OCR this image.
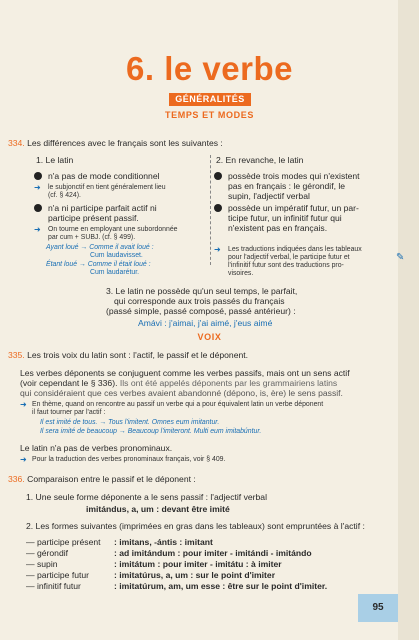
6. le verbe
GÉNÉRALITÉS
TEMPS ET MODES
334. Les différences avec le français sont les suivantes :
1. Le latin
n'a pas de mode conditionnel
➜ le subjonctif en tient généralement lieu
(cf. § 424).
n'a ni participe parfait actif ni
participe présent passif.
➜ On tourne en employant une subordonnée
par cum + SUBJ. (cf. § 499).
Ayant loué → Comme il avait loué :
Cum laudavisset.
Étant loué → Comme il était loué :
Cum laudarétur.
2. En revanche, le latin
possède trois modes qui n'existent
pas en français : le gérondif, le
supin, l'adjectif verbal
possède un impératif futur, un par-
ticipe futur, un infinitif futur qui
n'existent pas en français.
➜ Les traductions indiquées dans les tableaux
pour l'adjectif verbal, le participe futur et
l'infinitif futur sont des traductions pro-
visoires.
✎
3. Le latin ne possède qu'un seul temps, le parfait,
qui corresponde aux trois passés du français
(passé simple, passé composé, passé antérieur) :
Amávi : j'aimai, j'ai aimé, j'eus aimé
VOIX
335. Les trois voix du latin sont : l'actif, le passif et le déponent.
Les verbes déponents se conjuguent comme les verbes passifs, mais ont un sens actif
(voir cependant le § 336). Ils ont été appelés déponents par les grammairiens latins
qui considéraient que ces verbes avaient abandonné (dépono, is, ère) le sens passif.
➜ En thème, quand on rencontre au passif un verbe qui a pour équivalent latin un verbe déponent
il faut tourner par l'actif :
Il est imité de tous. → Tous l'imitent. Omnes eum imitantur.
Il sera imité de beaucoup → Beaucoup l'imiteront. Multi eum imitabúntur.
Le latin n'a pas de verbes pronominaux.
➜ Pour la traduction des verbes pronominaux français, voir § 409.
336. Comparaison entre le passif et le déponent :
1. Une seule forme déponente a le sens passif : l'adjectif verbal
imitándus, a, um : devant être imité
2. Les formes suivantes (imprimées en gras dans les tableaux) sont empruntées à l'actif :
— participe présent : imitans, -ántis : imitant
— gérondif	: ad imitándum : pour imiter - imitándi - imitándo
— supin	: imitátum : pour imiter - imitátu : à imiter
— participe futur	: imitatúrus, a, um : sur le point d'imiter
— infinitif futur	: imitatúrum, am, um esse : être sur le point d'imiter.
95
